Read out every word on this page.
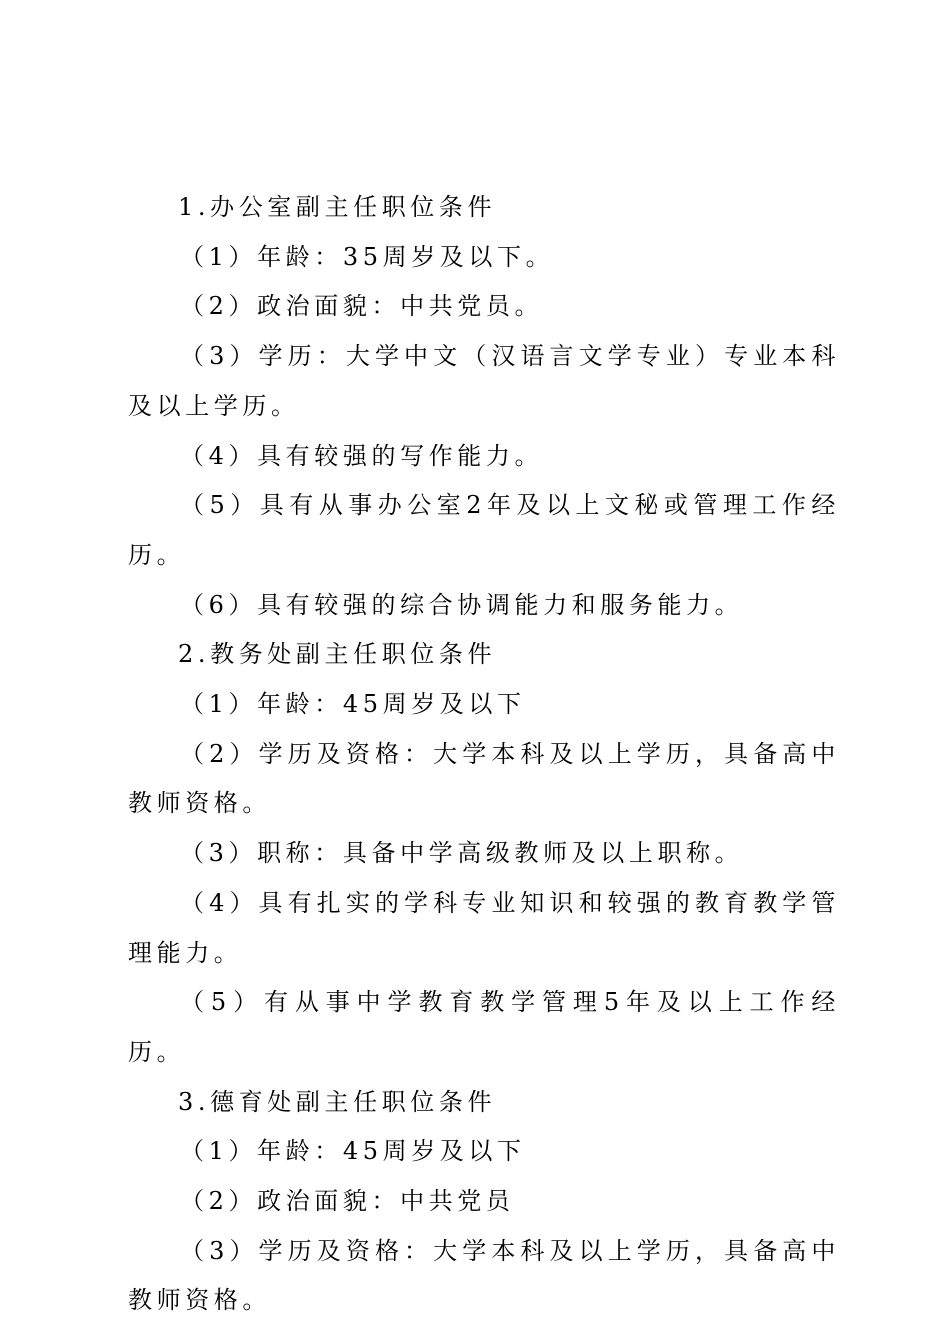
1.办公室副主任职位条件

（1）年龄：35周岁及以下。

（2）政治面貌：中共党员。

（3）学历：大学中文（汉语言文学专业）专业本科及以上学历。

（4）具有较强的写作能力。

（5）具有从事办公室2年及以上文秘或管理工作经历。

（6）具有较强的综合协调能力和服务能力。

2.教务处副主任职位条件

（1）年龄：45周岁及以下

（2）学历及资格：大学本科及以上学历，具备高中教师资格。

（3）职称：具备中学高级教师及以上职称。

（4）具有扎实的学科专业知识和较强的教育教学管理能力。

（5）有从事中学教育教学管理5年及以上工作经历。

3.德育处副主任职位条件

（1）年龄：45周岁及以下

（2）政治面貌：中共党员

（3）学历及资格：大学本科及以上学历，具备高中教师资格。
